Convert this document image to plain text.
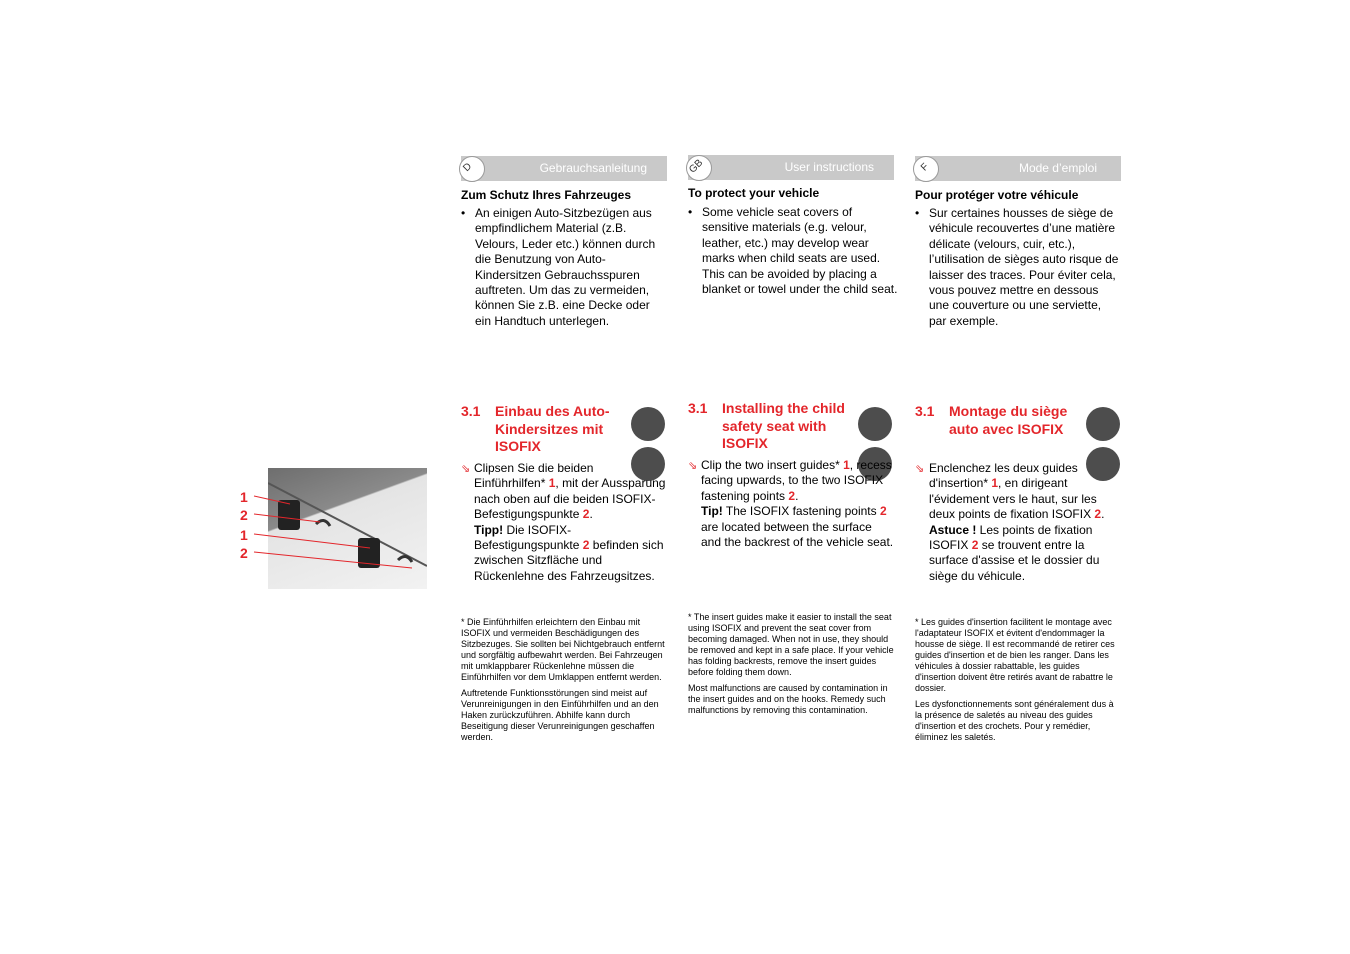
1
2
1
2
D	Gebrauchsanleitung
Zum Schutz Ihres Fahrzeuges
• An einigen Auto-Sitzbezügen aus empfindlichem Material (z.B. Velours, Leder etc.) können durch die Benutzung von Auto-Kindersitzen Gebrauchsspuren auftreten. Um das zu vermeiden, können Sie z.B. eine Decke oder ein Handtuch unterlegen.
3.1 Einbau des Auto-Kindersitzes mit ISOFIX
⇘ Clipsen Sie die beiden Einführhilfen* 1, mit der Aussparung nach oben auf die beiden ISOFIX-Befestigungspunkte 2.
Tipp! Die ISOFIX-Befestigungspunkte 2 befinden sich zwischen Sitzfläche und Rückenlehne des Fahrzeugsitzes.
* Die Einführhilfen erleichtern den Einbau mit ISOFIX und vermeiden Beschädigungen des Sitzbezuges. Sie sollten bei Nichtgebrauch entfernt und sorgfältig aufbewahrt werden. Bei Fahrzeugen mit umklappbarer Rückenlehne müssen die Einführhilfen vor dem Umklappen entfernt werden.
Auftretende Funktionsstörungen sind meist auf Verunreinigungen in den Einführhilfen und an den Haken zurückzuführen. Abhilfe kann durch Beseitigung dieser Verunreinigungen geschaffen werden.
GB	User instructions
To protect your vehicle
• Some vehicle seat covers of sensitive materials (e.g. velour, leather, etc.) may develop wear marks when child seats are used. This can be avoided by placing a blanket or towel under the child seat.
3.1 Installing the child safety seat with ISOFIX
⇘ Clip the two insert guides* 1, recess facing upwards, to the two ISOFIX fastening points 2.
Tip! The ISOFIX fastening points 2 are located between the surface and the backrest of the vehicle seat.
* The insert guides make it easier to install the seat using ISOFIX and prevent the seat cover from becoming damaged. When not in use, they should be removed and kept in a safe place. If your vehicle has folding backrests, remove the insert guides before folding them down.
Most malfunctions are caused by contamination in the insert guides and on the hooks. Remedy such malfunctions by removing this contamination.
F	Mode d’emploi
Pour protéger votre véhicule
• Sur certaines housses de siège de véhicule recouvertes d’une matière délicate (velours, cuir, etc.), l’utilisation de sièges auto risque de laisser des traces. Pour éviter cela, vous pouvez mettre en dessous une couverture ou une serviette, par exemple.
3.1 Montage du siège auto avec ISOFIX
⇘ Enclenchez les deux guides d'insertion* 1, en dirigeant l'évidement vers le haut, sur les deux points de fixation ISOFIX 2.
Astuce ! Les points de fixation ISOFIX 2 se trouvent entre la surface d'assise et le dossier du siège du véhicule.
* Les guides d'insertion facilitent le montage avec l'adaptateur ISOFIX et évitent d'endommager la housse de siège. Il est recommandé de retirer ces guides d'insertion et de bien les ranger. Dans les véhicules à dossier rabattable, les guides d'insertion doivent être retirés avant de rabattre le dossier.
Les dysfonctionnements sont généralement dus à la présence de saletés au niveau des guides d'insertion et des crochets. Pour y remédier, éliminez les saletés.
